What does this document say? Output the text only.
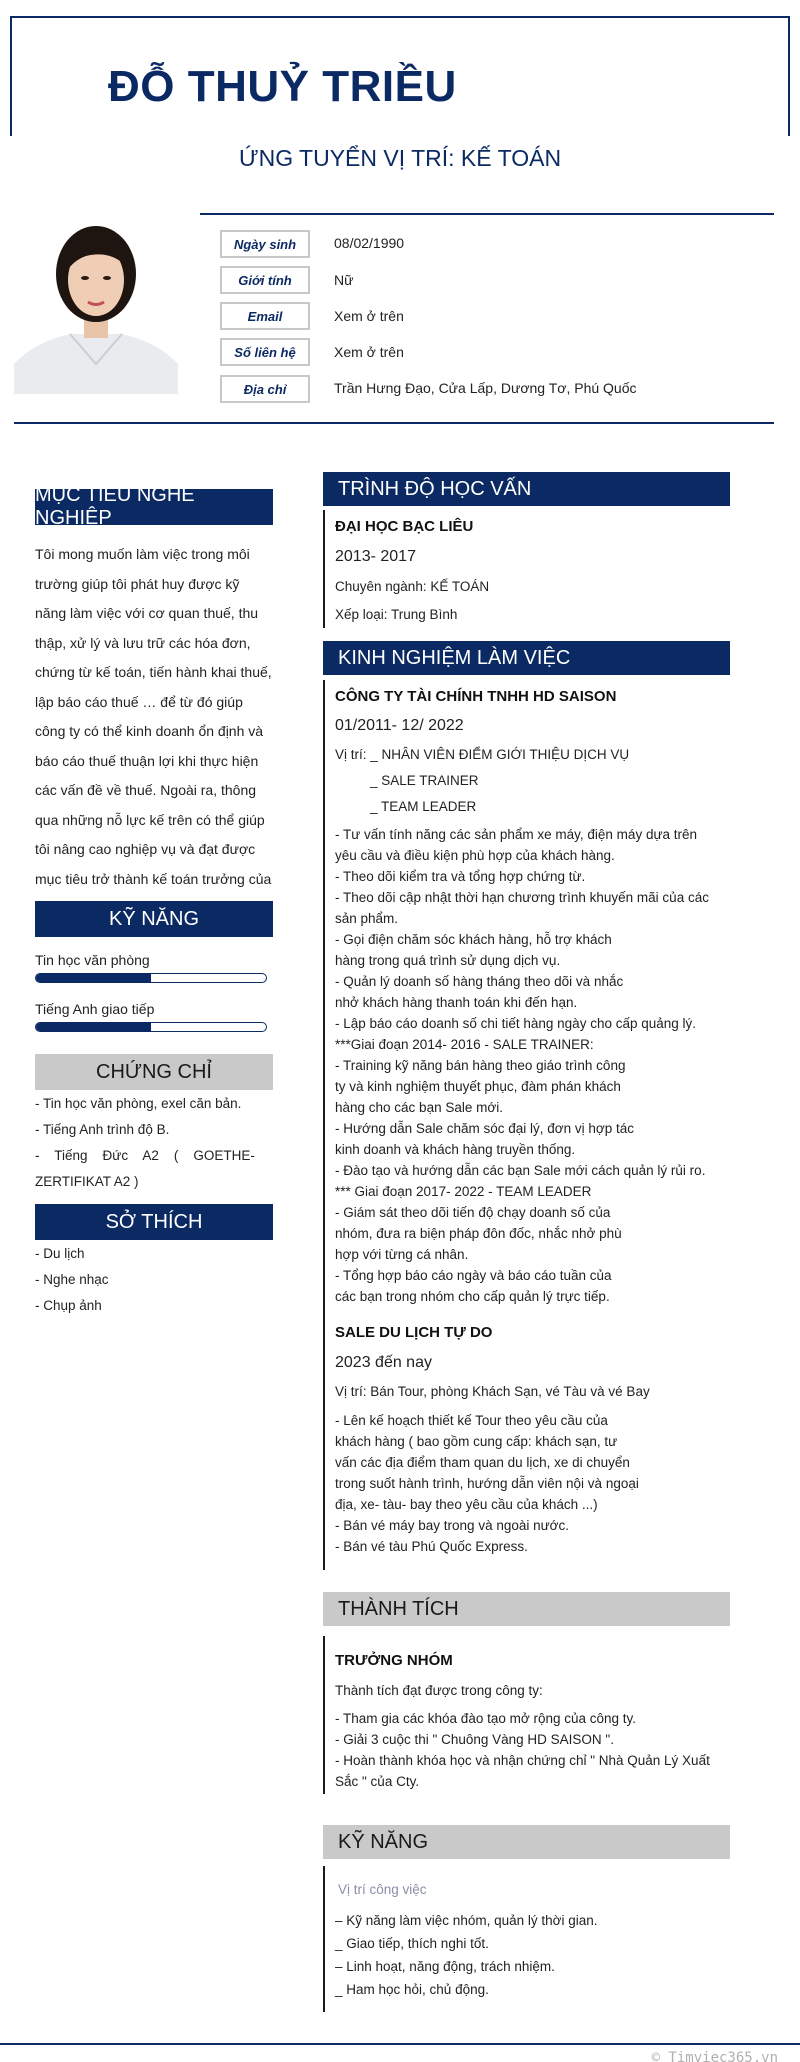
ĐỖ THUỶ TRIỀU
ỨNG TUYỂN VỊ TRÍ: KẾ TOÁN
Ngày sinh	08/02/1990
Giới tính	Nữ
Email	Xem ở trên
Số liên hệ	Xem ở trên
Địa chỉ	Trần Hưng Đạo, Cửa Lấp, Dương Tơ, Phú Quốc
MỤC TIÊU NGHỀ NGHIỆP
Tôi mong muốn làm việc trong môi
trường giúp tôi phát huy được kỹ
năng làm việc với cơ quan thuế, thu
thập, xử lý và lưu trữ các hóa đơn,
chứng từ kế toán, tiến hành khai thuế,
lập báo cáo thuế … để từ đó giúp
công ty có thể kinh doanh ổn định và
báo cáo thuế thuận lợi khi thực hiện
các vấn đề về thuế. Ngoài ra, thông
qua những nỗ lực kế trên có thể giúp
tôi nâng cao nghiệp vụ và đạt được
mục tiêu trở thành kế toán trưởng của
KỸ NĂNG
Tin học văn phòng
Tiếng Anh giao tiếp
CHỨNG CHỈ
- Tin học văn phòng, exel căn bản.
- Tiếng Anh trình độ B.
-    Tiếng    Đức    A2    (    GOETHE-
ZERTIFIKAT A2 )
SỞ THÍCH
- Du lịch
- Nghe nhạc
- Chụp ảnh
TRÌNH ĐỘ HỌC VẤN
ĐẠI HỌC BẠC LIÊU
2013- 2017
Chuyên ngành: KẾ TOÁN
Xếp loại: Trung Bình
KINH NGHIỆM LÀM VIỆC
CÔNG TY TÀI CHÍNH TNHH HD SAISON
01/2011- 12/ 2022
Vị trí: _ NHÂN VIÊN ĐIỂM GIỚI THIỆU DỊCH VỤ
_ SALE TRAINER
_ TEAM LEADER
- Tư vấn tính năng các sản phẩm xe máy, điện máy dựa trên
yêu cầu và điều kiện phù hợp của khách hàng.
- Theo dõi kiểm tra và tổng hợp chứng từ.
- Theo dõi cập nhật thời hạn chương trình khuyến mãi của các
sản phẩm.
- Gọi điện chăm sóc khách hàng, hỗ trợ khách
hàng trong quá trình sử dụng dịch vụ.
- Quản lý doanh số hàng tháng theo dõi và nhắc
nhở khách hàng thanh toán khi đến hạn.
- Lập báo cáo doanh số chi tiết hàng ngày cho cấp quảng lý.
***Giai đoạn 2014- 2016 - SALE TRAINER:
- Training kỹ năng bán hàng theo giáo trình công
ty và kinh nghiệm thuyết phục, đàm phán khách
hàng cho các bạn Sale mới.
- Hướng dẫn Sale chăm sóc đại lý, đơn vị hợp tác
kinh doanh và khách hàng truyền thống.
- Đào tạo và hướng dẫn các bạn Sale mới cách quản lý rủi ro.
*** Giai đoạn 2017- 2022 - TEAM LEADER
- Giám sát theo dõi tiến độ chạy doanh số của
nhóm, đưa ra biện pháp đôn đốc, nhắc nhở phù
hợp với từng cá nhân.
- Tổng hợp báo cáo ngày và báo cáo tuần của
các bạn trong nhóm cho cấp quản lý trực tiếp.
SALE DU LỊCH TỰ DO
2023 đến nay
Vị trí: Bán Tour, phòng Khách Sạn, vé Tàu và vé Bay
- Lên kế hoạch thiết kế Tour theo yêu cầu của
khách hàng ( bao gồm cung cấp: khách sạn, tư
vấn các địa điểm tham quan du lịch, xe di chuyển
trong suốt hành trình, hướng dẫn viên nội và ngoại
địa, xe- tàu- bay theo yêu cầu của khách ...)
- Bán vé máy bay trong và ngoài nước.
- Bán vé tàu Phú Quốc Express.
THÀNH TÍCH
TRƯỞNG NHÓM
Thành tích đạt được trong công ty:
- Tham gia các khóa đào tạo mở rộng của công ty.
- Giải 3 cuộc thi " Chuông Vàng HD SAISON ".
- Hoàn thành khóa học và nhận chứng chỉ " Nhà Quản Lý Xuất
Sắc " của Cty.
KỸ NĂNG
Vị trí công việc
– Kỹ năng làm việc nhóm, quản lý thời gian.
_ Giao tiếp, thích nghi tốt.
– Linh hoạt, năng động, trách nhiệm.
_ Ham học hỏi, chủ động.
© Timviec365.vn
